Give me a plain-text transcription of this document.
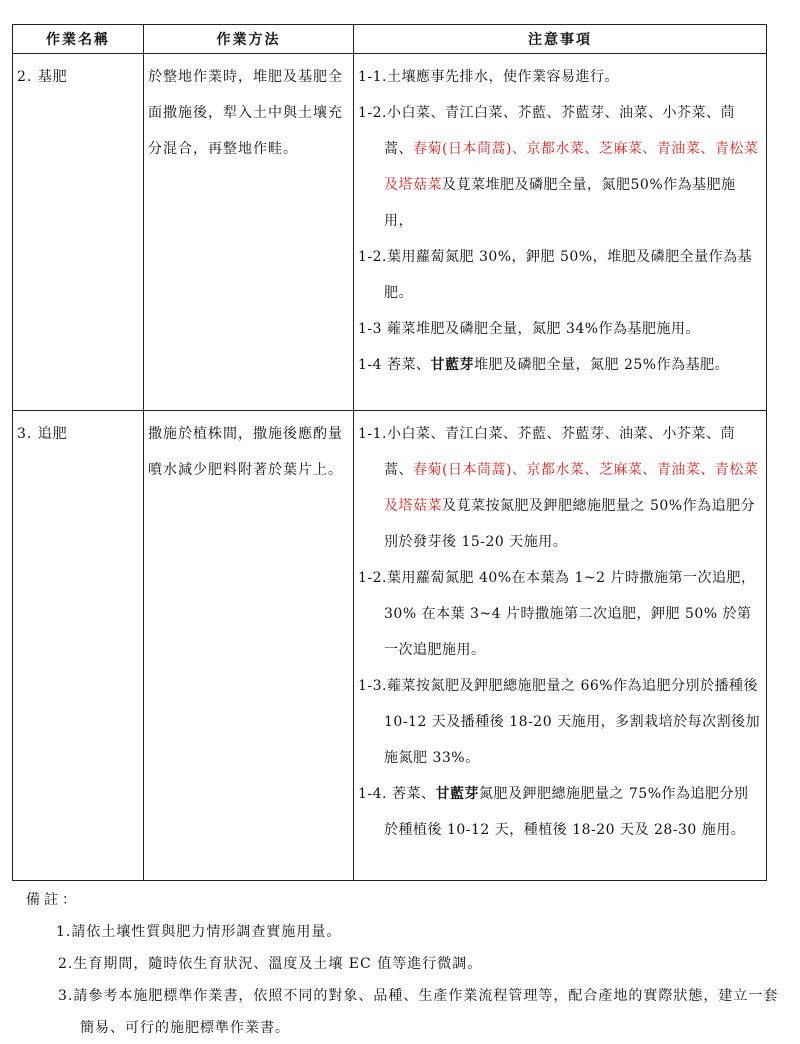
作業名稱	作業方法	注意事項

2. 基肥	於整地作業時，堆肥及基肥全面撒施後，犁入土中與土壤充分混合，再整地作畦。	1-1.土壤應事先排水，使作業容易進行。
1-2.小白菜、青江白菜、芥藍、芥藍芽、油菜、小芥菜、茼蒿、春菊(日本茼蒿)、京都水菜、芝麻菜、青油菜、青松菜及塔菇菜及莧菜堆肥及磷肥全量，氮肥50%作為基肥施用，
1-2.葉用蘿蔔氮肥 30%，鉀肥 50%，堆肥及磷肥全量作為基肥。
1-3 蕹菜堆肥及磷肥全量，氮肥 34%作為基肥施用。
1-4 莕菜、甘藍芽堆肥及磷肥全量，氮肥 25%作為基肥。

3. 追肥	撒施於植株間，撒施後應酌量噴水減少肥料附著於葉片上。	1-1.小白菜、青江白菜、芥藍、芥藍芽、油菜、小芥菜、茼蒿、春菊(日本茼蒿)、京都水菜、芝麻菜、青油菜、青松菜及塔菇菜及莧菜按氮肥及鉀肥總施肥量之 50%作為追肥分別於發芽後 15-20 天施用。
1-2.葉用蘿蔔氮肥 40%在本葉為 1~2 片時撒施第一次追肥，30% 在本葉 3~4 片時撒施第二次追肥，鉀肥 50% 於第一次追肥施用。
1-3.蕹菜按氮肥及鉀肥總施肥量之 66%作為追肥分別於播種後 10-12 天及播種後 18-20 天施用，多割栽培於每次割後加施氮肥 33%。
1-4. 莕菜、甘藍芽氮肥及鉀肥總施肥量之 75%作為追肥分別於種植後 10-12 天，種植後 18-20 天及 28-30 施用。
備註：
1.請依土壤性質與肥力情形調查實施用量。
2.生育期間，隨時依生育狀況、溫度及土壤 EC 值等進行微調。
3.請參考本施肥標準作業書，依照不同的對象、品種、生產作業流程管理等，配合產地的實際狀態，建立一套簡易、可行的施肥標準作業書。
